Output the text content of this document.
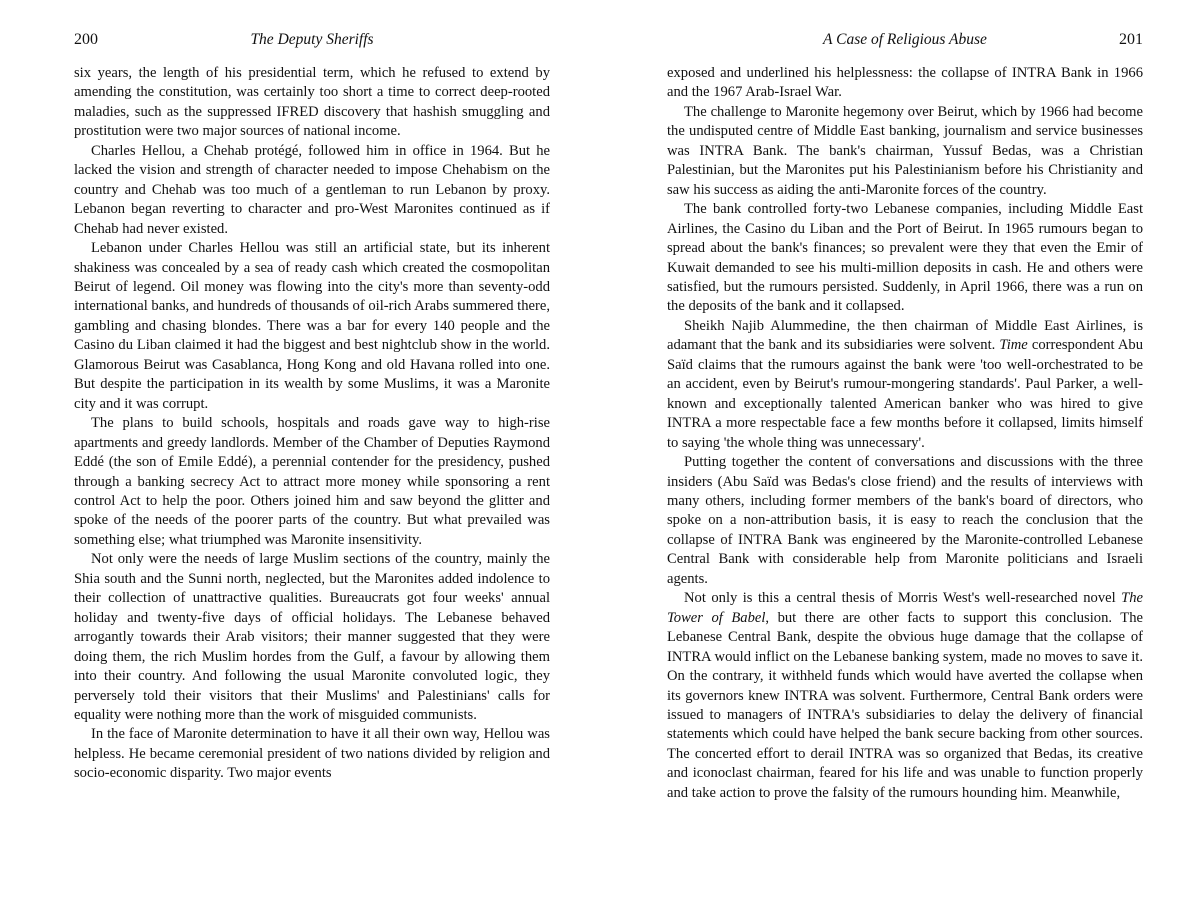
200	The Deputy Sheriffs

six years, the length of his presidential term, which he refused to extend by amending the constitution, was certainly too short a time to correct deep-rooted maladies, such as the suppressed IFRED discovery that hashish smuggling and prostitution were two major sources of national income.

Charles Hellou, a Chehab protégé, followed him in office in 1964. But he lacked the vision and strength of character needed to impose Chehabism on the country and Chehab was too much of a gentleman to run Lebanon by proxy. Lebanon began reverting to character and pro-West Maronites continued as if Chehab had never existed.

Lebanon under Charles Hellou was still an artificial state, but its inherent shakiness was concealed by a sea of ready cash which created the cosmopolitan Beirut of legend. Oil money was flowing into the city's more than seventy-odd international banks, and hundreds of thousands of oil-rich Arabs summered there, gambling and chasing blondes. There was a bar for every 140 people and the Casino du Liban claimed it had the biggest and best nightclub show in the world. Glamorous Beirut was Casablanca, Hong Kong and old Havana rolled into one. But despite the participation in its wealth by some Muslims, it was a Maronite city and it was corrupt.

The plans to build schools, hospitals and roads gave way to high-rise apartments and greedy landlords. Member of the Chamber of Deputies Raymond Eddé (the son of Emile Eddé), a perennial contender for the presidency, pushed through a banking secrecy Act to attract more money while sponsoring a rent control Act to help the poor. Others joined him and saw beyond the glitter and spoke of the needs of the poorer parts of the country. But what prevailed was something else; what triumphed was Maronite insensitivity.

Not only were the needs of large Muslim sections of the country, mainly the Shia south and the Sunni north, neglected, but the Maronites added indolence to their collection of unattractive qualities. Bureaucrats got four weeks' annual holiday and twenty-five days of official holidays. The Lebanese behaved arrogantly towards their Arab visitors; their manner suggested that they were doing them, the rich Muslim hordes from the Gulf, a favour by allowing them into their country. And following the usual Maronite convoluted logic, they perversely told their visitors that their Muslims' and Palestinians' calls for equality were nothing more than the work of misguided communists.

In the face of Maronite determination to have it all their own way, Hellou was helpless. He became ceremonial president of two nations divided by religion and socio-economic disparity. Two major events

A Case of Religious Abuse	201

exposed and underlined his helplessness: the collapse of INTRA Bank in 1966 and the 1967 Arab-Israel War.

The challenge to Maronite hegemony over Beirut, which by 1966 had become the undisputed centre of Middle East banking, journalism and service businesses was INTRA Bank. The bank's chairman, Yussuf Bedas, was a Christian Palestinian, but the Maronites put his Palestinianism before his Christianity and saw his success as aiding the anti-Maronite forces of the country.

The bank controlled forty-two Lebanese companies, including Middle East Airlines, the Casino du Liban and the Port of Beirut. In 1965 rumours began to spread about the bank's finances; so prevalent were they that even the Emir of Kuwait demanded to see his multi-million deposits in cash. He and others were satisfied, but the rumours persisted. Suddenly, in April 1966, there was a run on the deposits of the bank and it collapsed.

Sheikh Najib Alummedine, the then chairman of Middle East Airlines, is adamant that the bank and its subsidiaries were solvent. Time correspondent Abu Saïd claims that the rumours against the bank were 'too well-orchestrated to be an accident, even by Beirut's rumour-mongering standards'. Paul Parker, a well-known and exceptionally talented American banker who was hired to give INTRA a more respectable face a few months before it collapsed, limits himself to saying 'the whole thing was unnecessary'.

Putting together the content of conversations and discussions with the three insiders (Abu Saïd was Bedas's close friend) and the results of interviews with many others, including former members of the bank's board of directors, who spoke on a non-attribution basis, it is easy to reach the conclusion that the collapse of INTRA Bank was engineered by the Maronite-controlled Lebanese Central Bank with considerable help from Maronite politicians and Israeli agents.

Not only is this a central thesis of Morris West's well-researched novel The Tower of Babel, but there are other facts to support this conclusion. The Lebanese Central Bank, despite the obvious huge damage that the collapse of INTRA would inflict on the Lebanese banking system, made no moves to save it. On the contrary, it withheld funds which would have averted the collapse when its governors knew INTRA was solvent. Furthermore, Central Bank orders were issued to managers of INTRA's subsidiaries to delay the delivery of financial statements which could have helped the bank secure backing from other sources. The concerted effort to derail INTRA was so organized that Bedas, its creative and iconoclast chairman, feared for his life and was unable to function properly and take action to prove the falsity of the rumours hounding him. Meanwhile,
